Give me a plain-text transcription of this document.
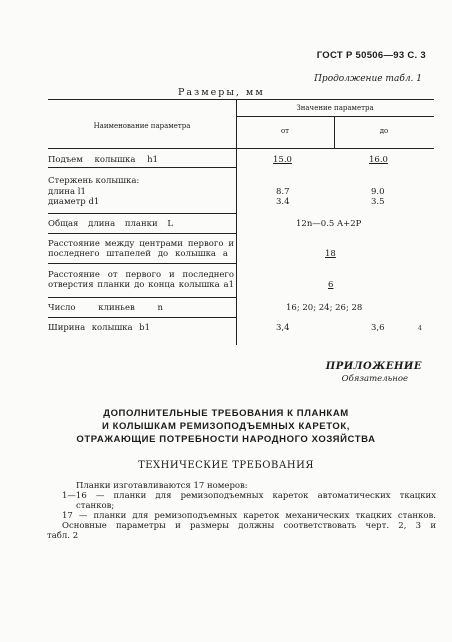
ГОСТ Р 50506—93 С. 3
Продолжение табл. 1
Размеры, мм
Наименование параметра
Значение параметра
от	до
Подъем колышка h1	15.0	16.0
Стержень колышка:
длина l1	8.7	9.0
диаметр d1	3.4	3.5
Общая длина планки L	12n—0.5 A+2P
Расстояние между центрами первого и
последнего штапелей до колышка a	18
Расстояние от первого и последнего
отверстия планки до конца колышка a1	6
Число клиньев n	16; 20; 24; 26; 28
Ширина колышка b1	3,4	3,6	4
ПРИЛОЖЕНИЕ
Обязательное
ДОПОЛНИТЕЛЬНЫЕ ТРЕБОВАНИЯ К ПЛАНКАМ
И КОЛЫШКАМ РЕМИЗОПОДЪЕМНЫХ КАРЕТОК,
ОТРАЖАЮЩИЕ ПОТРЕБНОСТИ НАРОДНОГО ХОЗЯЙСТВА
ТЕХНИЧЕСКИЕ ТРЕБОВАНИЯ
Планки изготавливаются 17 номеров:
1—16 — планки для ремизоподъемных кареток автоматических ткацких
станков;
17 — планки для ремизоподъемных кареток механических ткацких станков.
Основные параметры и размеры должны соответствовать черт. 2, 3 и
табл. 2
